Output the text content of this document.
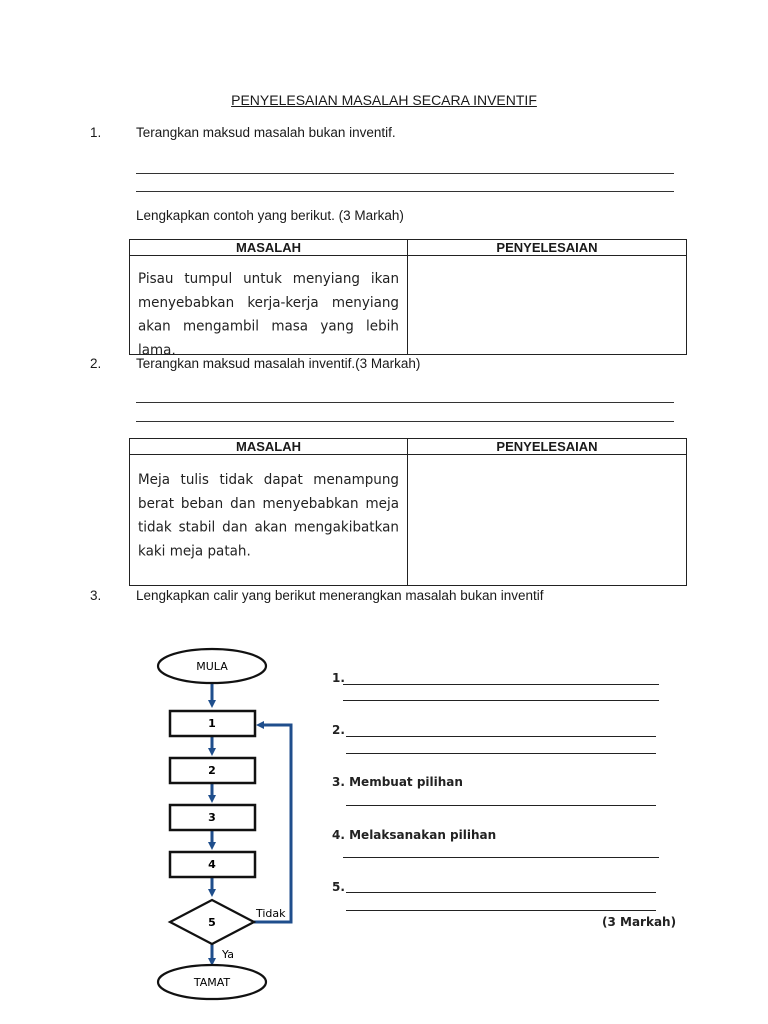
PENYELESAIAN MASALAH SECARA INVENTIF
1.	Terangkan maksud masalah bukan inventif.
Lengkapkan contoh yang berikut. (3 Markah)
MASALAH	PENYELESAIAN

Pisau tumpul untuk menyiang ikan menyebabkan kerja-kerja menyiang akan mengambil masa yang lebih lama.	

2.	Terangkan maksud masalah inventif.(3 Markah)
MASALAH	PENYELESAIAN

Meja tulis tidak dapat menampung berat beban dan menyebabkan meja tidak stabil dan akan mengakibatkan kaki meja patah.	

3.	Lengkapkan calir yang berikut menerangkan masalah bukan inventif
MULA
1
2
3
4
5
Tidak
Ya
TAMAT
1.
2.
3. Membuat pilihan
4. Melaksanakan pilihan
5.
(3 Markah)
